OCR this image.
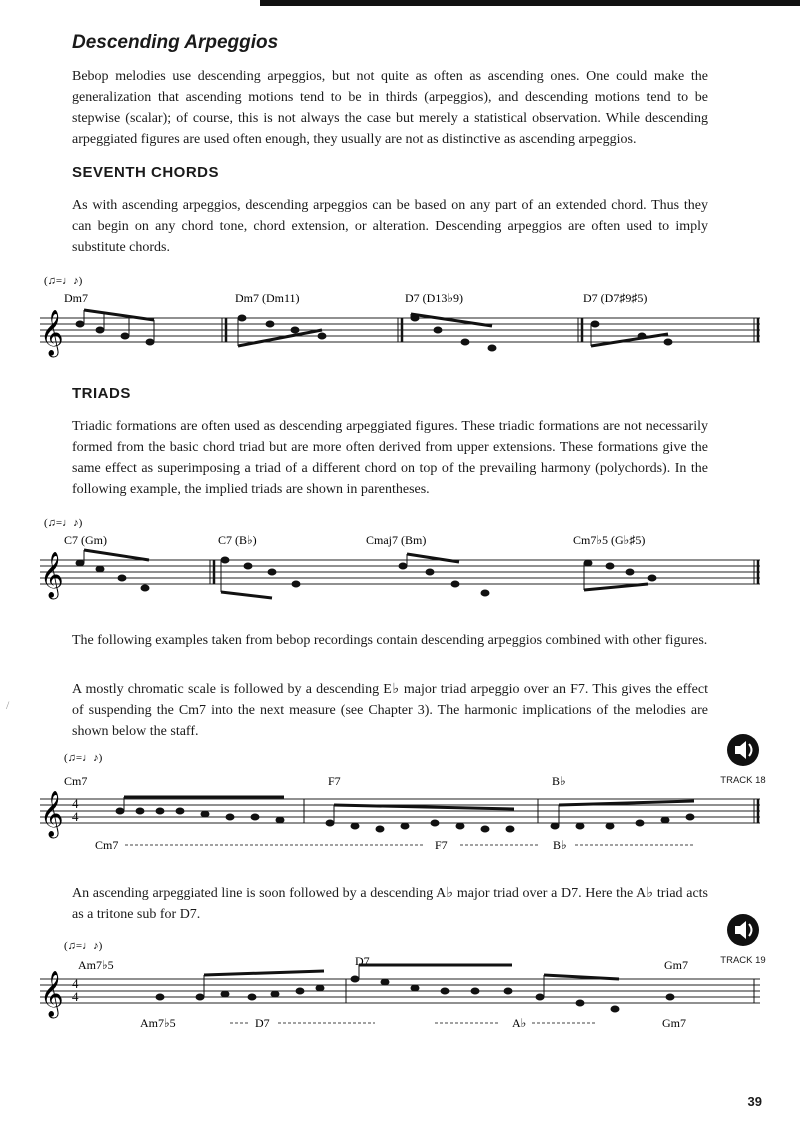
Descending Arpeggios

Bebop melodies use descending arpeggios, but not quite as often as ascending ones. One could make the generalization that ascending motions tend to be in thirds (arpeggios), and descending motions tend to be stepwise (scalar); of course, this is not always the case but merely a statistical observation. While descending arpeggiated figures are used often enough, they usually are not as distinctive as ascending arpeggios.

SEVENTH CHORDS

As with ascending arpeggios, descending arpeggios can be based on any part of an extended chord. Thus they can begin on any chord tone, chord extension, or alteration. Descending arpeggios are often used to imply substitute chords.

(♫=♩♪)
Dm7	Dm7 (Dm11)	D7 (D13♭9)	D7 (D7♯9♯5)
𝄞
TRIADS

Triadic formations are often used as descending arpeggiated figures. These triadic formations are not necessarily formed from the basic chord triad but are more often derived from upper extensions. These formations give the same effect as superimposing a triad of a different chord on top of the prevailing harmony (polychords). In the following example, the implied triads are shown in parentheses.

(♫=♩♪)
C7 (Gm)	C7 (B♭)	Cmaj7 (Bm)	Cm7♭5 (G♭♯5)
𝄞

The following examples taken from bebop recordings contain descending arpeggios combined with other figures.

A mostly chromatic scale is followed by a descending E♭ major triad arpeggio over an F7. This gives the effect of suspending the Cm7 into the next measure (see Chapter 3). The harmonic implications of the melodies are shown below the staff.

/
(♫=♩♪)
Cm7	F7	B♭
𝄞 4
4
Cm7	F7	B♭
TRACK 18

An ascending arpeggiated line is soon followed by a descending A♭ major triad over a D7. Here the A♭ triad acts as a tritone sub for D7.

(♫=♩♪)
Am7♭5	D7	Gm7
𝄞 4
4
Am7♭5	D7	A♭	Gm7
TRACK 19
39
